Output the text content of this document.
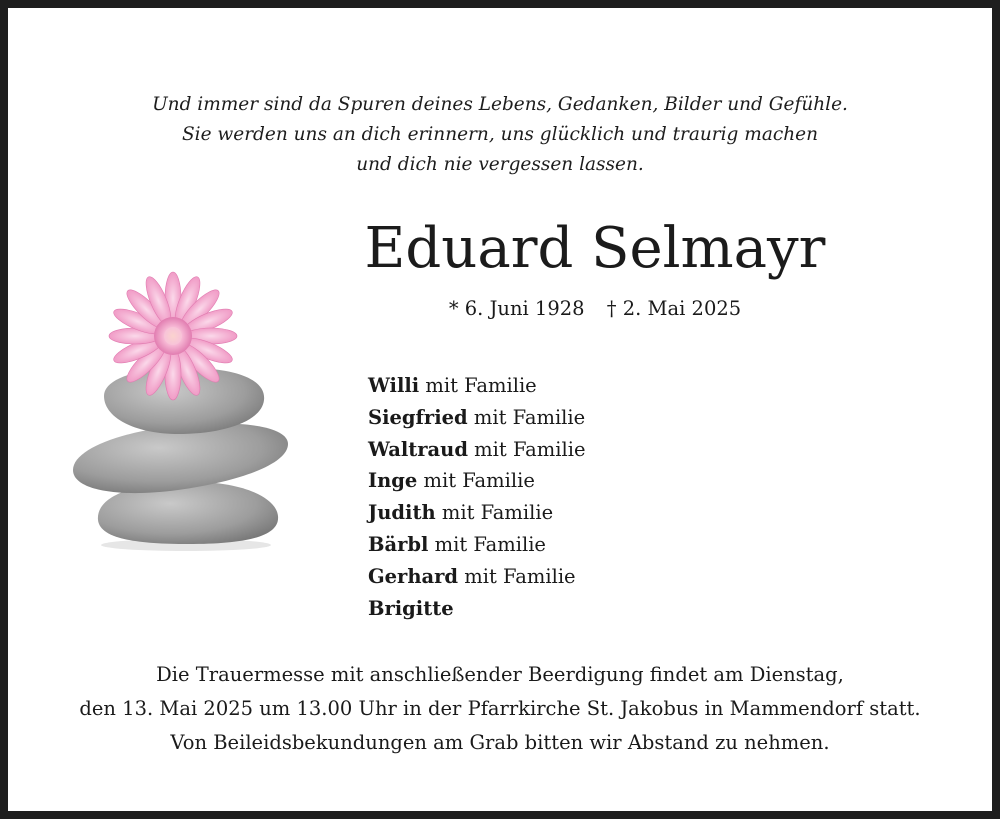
Und immer sind da Spuren deines Lebens, Gedanken, Bilder und Gefühle.
Sie werden uns an dich erinnern, uns glücklich und traurig machen
und dich nie vergessen lassen.
Eduard Selmayr
* 6. Juni 1928 † 2. Mai 2025
Willi mit Familie
Siegfried mit Familie
Waltraud mit Familie
Inge mit Familie
Judith mit Familie
Bärbl mit Familie
Gerhard mit Familie
Brigitte
Die Trauermesse mit anschließender Beerdigung findet am Dienstag,
den 13. Mai 2025 um 13.00 Uhr in der Pfarrkirche St. Jakobus in Mammendorf statt.
Von Beileidsbekundungen am Grab bitten wir Abstand zu nehmen.
